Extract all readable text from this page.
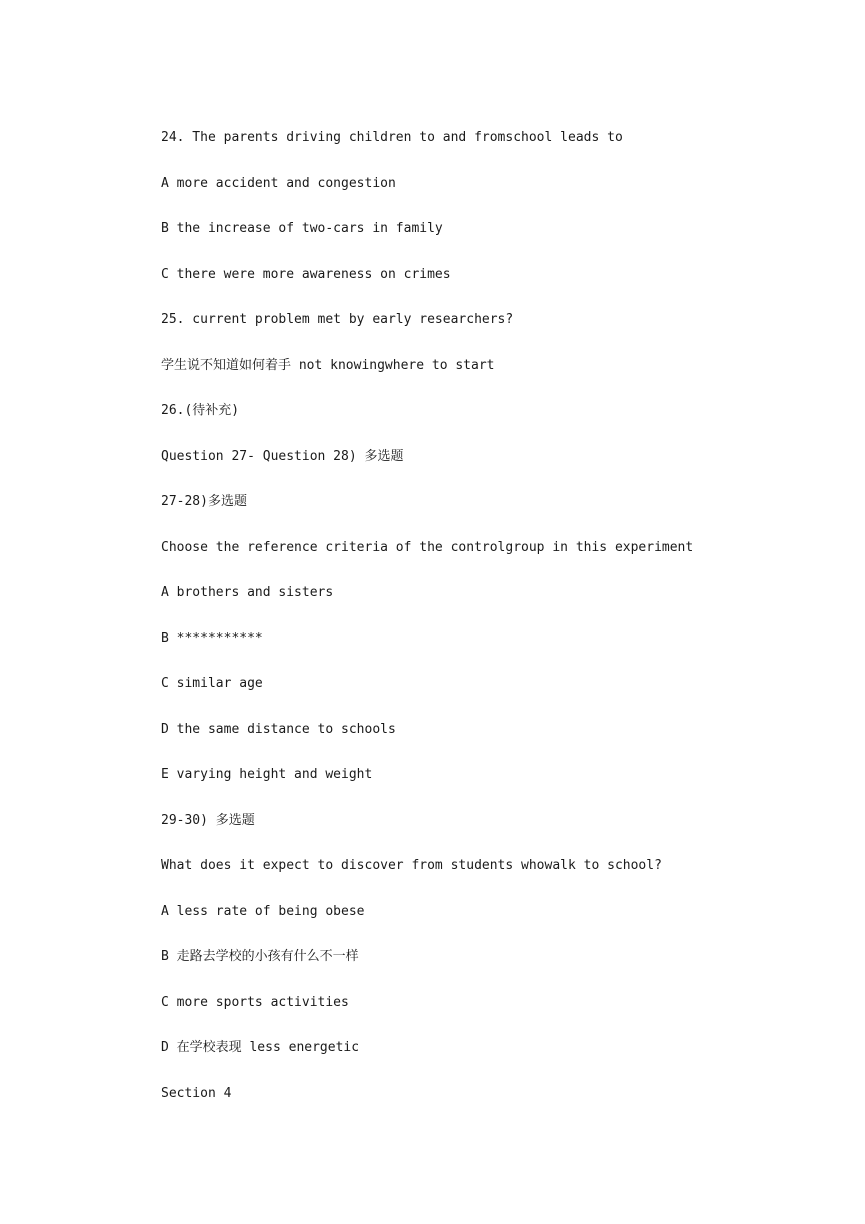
24. The parents driving children to and fromschool leads to

A more accident and congestion

B the increase of two-cars in family

C there were more awareness on crimes

25. current problem met by early researchers?

学生说不知道如何着手 not knowingwhere to start

26.(待补充)

Question 27- Question 28) 多选题

27-28)多选题

Choose the reference criteria of the controlgroup in this experiment

A brothers and sisters

B ***********

C similar age

D the same distance to schools

E varying height and weight

29-30) 多选题

What does it expect to discover from students whowalk to school?

A less rate of being obese

B 走路去学校的小孩有什么不一样

C more sports activities

D 在学校表现 less energetic

Section 4
